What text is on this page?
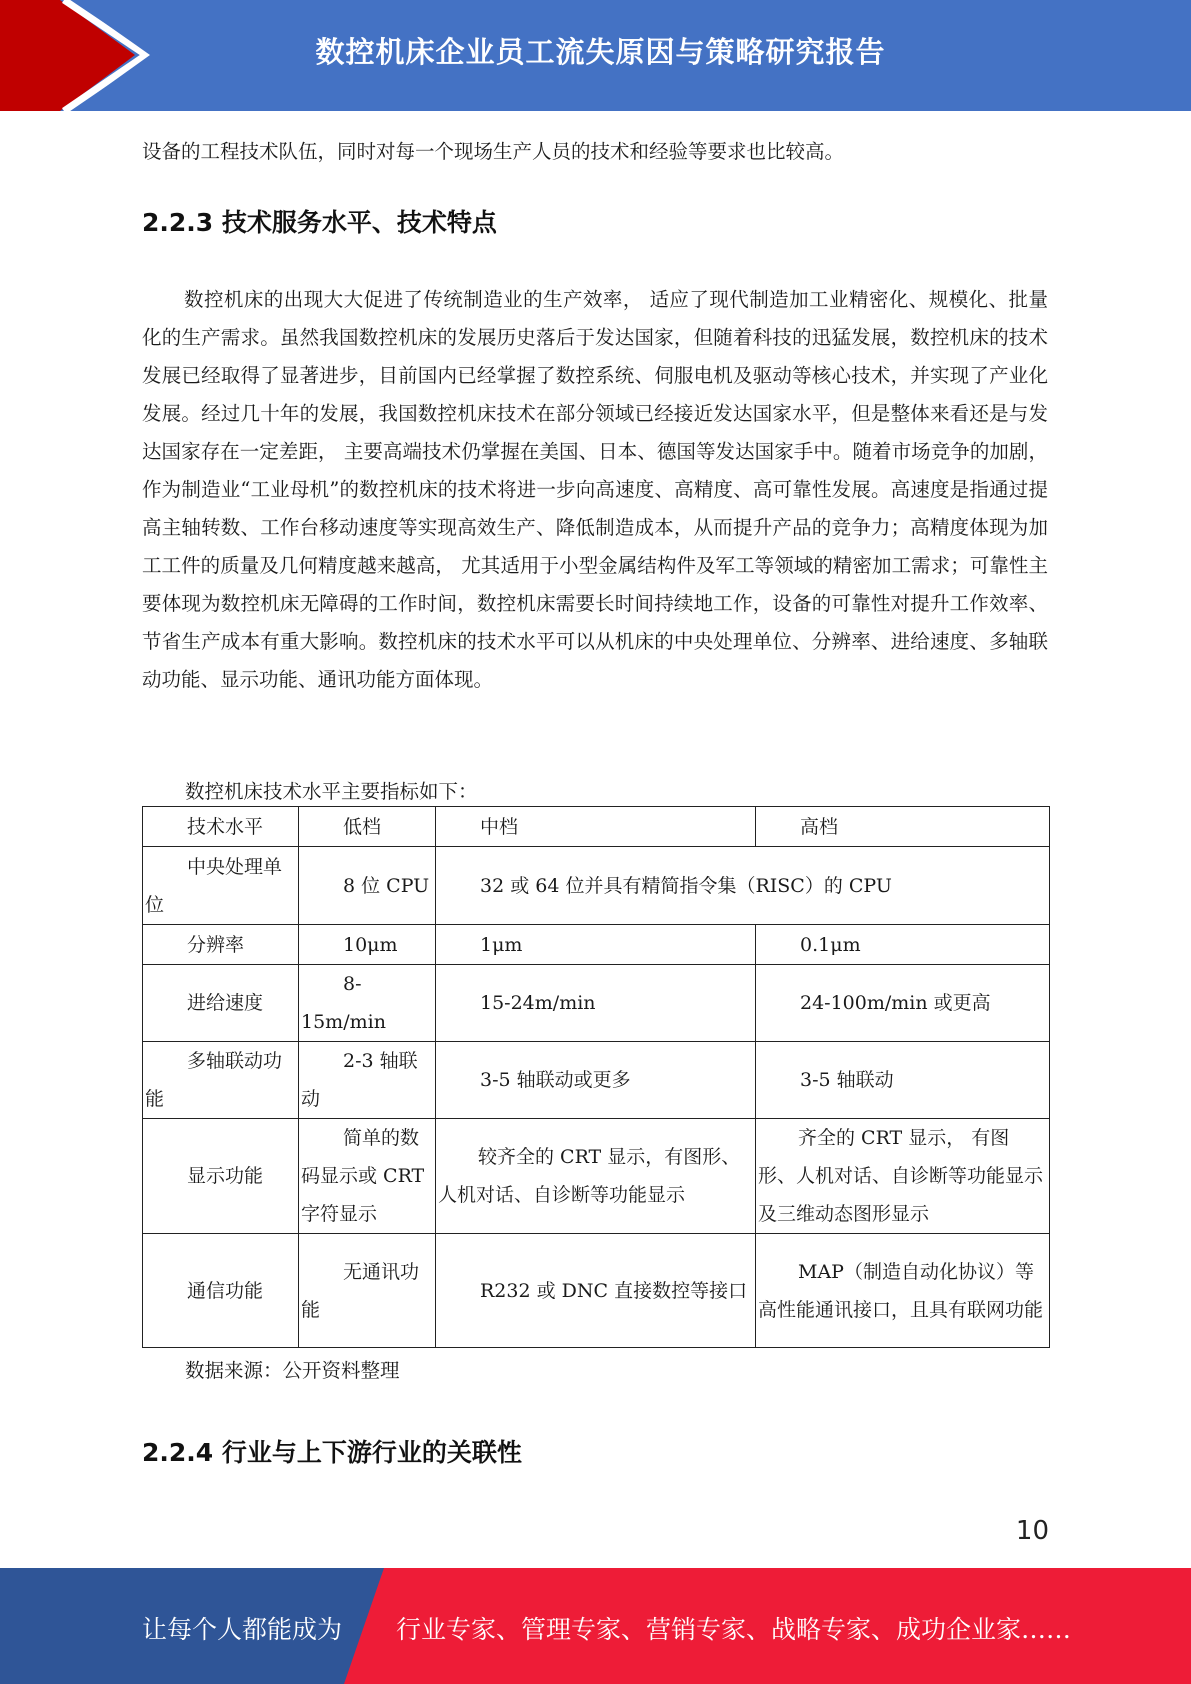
数控机床企业员工流失原因与策略研究报告

设备的工程技术队伍，同时对每一个现场生产人员的技术和经验等要求也比较高。

2.2.3 技术服务水平、技术特点

数控机床的出现大大促进了传统制造业的生产效率， 适应了现代制造加工业精密化、规模化、批量化的生产需求。虽然我国数控机床的发展历史落后于发达国家，但随着科技的迅猛发展，数控机床的技术发展已经取得了显著进步，目前国内已经掌握了数控系统、伺服电机及驱动等核心技术，并实现了产业化发展。经过几十年的发展，我国数控机床技术在部分领域已经接近发达国家水平，但是整体来看还是与发达国家存在一定差距， 主要高端技术仍掌握在美国、日本、德国等发达国家手中。随着市场竞争的加剧，作为制造业“工业母机”的数控机床的技术将进一步向高速度、高精度、高可靠性发展。高速度是指通过提高主轴转数、工作台移动速度等实现高效生产、降低制造成本，从而提升产品的竞争力；高精度体现为加工工件的质量及几何精度越来越高， 尤其适用于小型金属结构件及军工等领域的精密加工需求；可靠性主要体现为数控机床无障碍的工作时间，数控机床需要长时间持续地工作，设备的可靠性对提升工作效率、节省生产成本有重大影响。数控机床的技术水平可以从机床的中央处理单位、分辨率、进给速度、多轴联动功能、显示功能、通讯功能方面体现。

数控机床技术水平主要指标如下：
技术水平	低档	中档	高档
中央处理单位	8 位 CPU	32 或 64 位并具有精简指令集（RISC）的 CPU	
分辨率	10μm	1μm	0.1μm
进给速度	8-15m/min	15-24m/min	24-100m/min 或更高
多轴联动功能	2-3 轴联动	3-5 轴联动或更多	3-5 轴联动
显示功能	简单的数码显示或 CRT 字符显示	较齐全的 CRT 显示，有图形、人机对话、自诊断等功能显示	齐全的 CRT 显示， 有图形、人机对话、自诊断等功能显示及三维动态图形显示
通信功能	无通讯功能	R232 或 DNC 直接数控等接口	MAP（制造自动化协议）等高性能通讯接口，且具有联网功能
数据来源：公开资料整理
2.2.4 行业与上下游行业的关联性
10
让每个人都能成为 行业专家、管理专家、营销专家、战略专家、成功企业家……
